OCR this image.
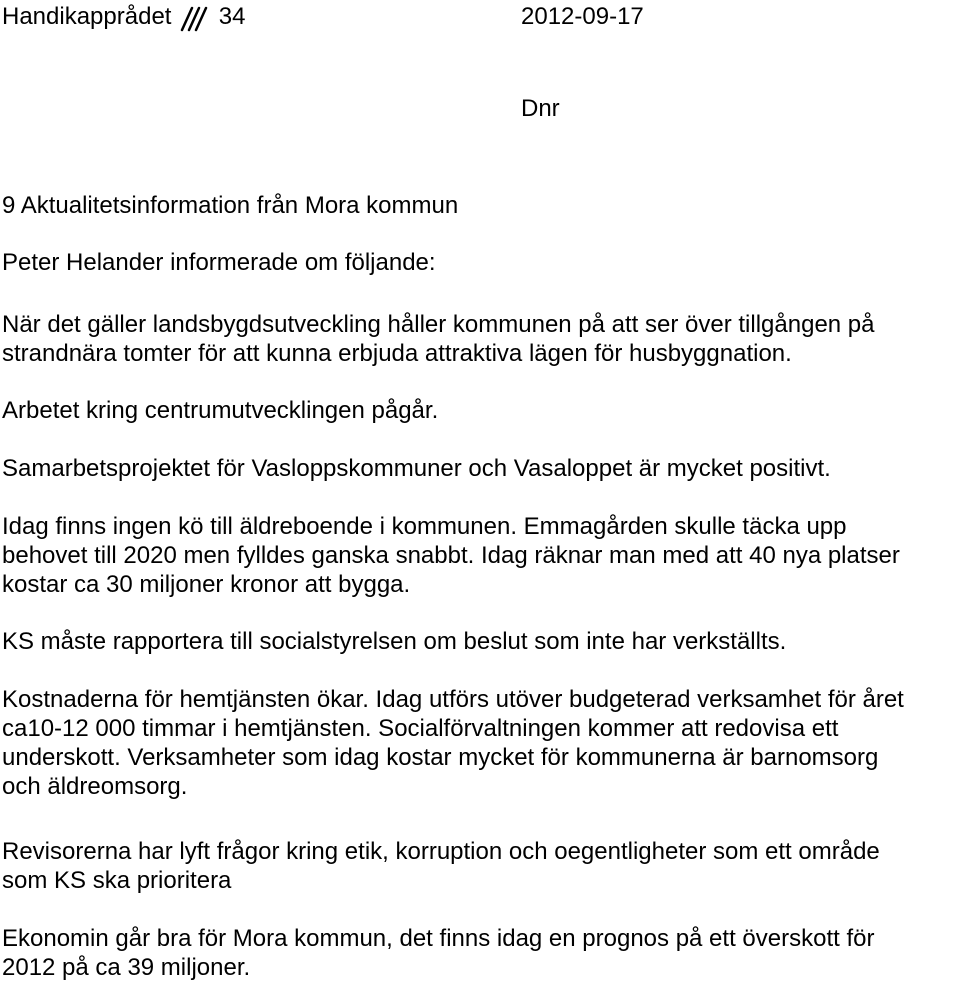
Handikapprådet 34	2012-09-17
Dnr
9 Aktualitetsinformation från Mora kommun
Peter Helander informerade om följande:
När det gäller landsbygdsutveckling håller kommunen på att ser över tillgången på
strandnära tomter för att kunna erbjuda attraktiva lägen för husbyggnation.
Arbetet kring centrumutvecklingen pågår.
Samarbetsprojektet för Vasloppskommuner och Vasaloppet är mycket positivt.
Idag finns ingen kö till äldreboende i kommunen. Emmagården skulle täcka upp
behovet till 2020 men fylldes ganska snabbt. Idag räknar man med att 40 nya platser
kostar ca 30 miljoner kronor att bygga.
KS måste rapportera till socialstyrelsen om beslut som inte har verkställts.
Kostnaderna för hemtjänsten ökar. Idag utförs utöver budgeterad verksamhet för året
ca10-12 000 timmar i hemtjänsten. Socialförvaltningen kommer att redovisa ett
underskott. Verksamheter som idag kostar mycket för kommunerna är barnomsorg
och äldreomsorg.
Revisorerna har lyft frågor kring etik, korruption och oegentligheter som ett område
som KS ska prioritera
Ekonomin går bra för Mora kommun, det finns idag en prognos på ett överskott för
2012 på ca 39 miljoner.
